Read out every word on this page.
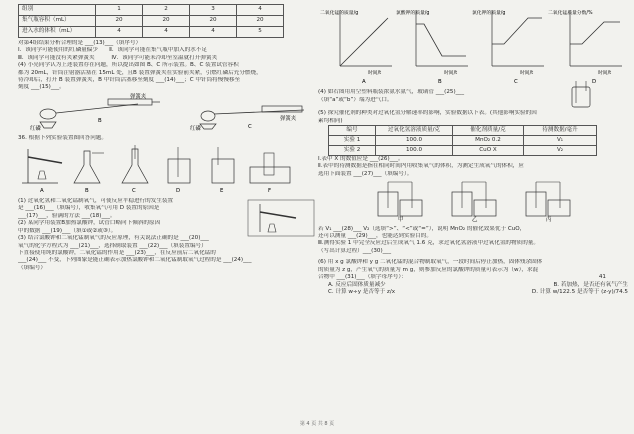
组别	1	2	3	4
集气瓶容积（mL）	20	20	20	20
进入水的体积（mL）	4	4	4	5
对第4组结果分析合理的是 ___(13)___（填序号）
Ⅰ．该同学可能使用的红磷量偏少　　Ⅱ．该同学可能在集气瓶中加入的水不足
Ⅲ．该同学可能没有夹紧弹簧夹　　　Ⅳ．该同学可能未冷却至室温就打开弹簧夹
(4) 小亮同学认为上述装置存在问题，所以提出如图 B、C 所示装置。B、C 装置试管容积
都为 20mL，针筒注射器活塞在 15mL 处，且B 装置弹簧夹在实验前夹紧，引燃红磷后充分燃烧，
待冷却后，打开 B 装置弹簧夹，B 中针筒活塞移至刻度 ___(14)___；C 中针筒将慢慢移至
刻度 ___(15)___。
红磷
弹簧夹
B
红磷
弹簧夹
C
36. 根据下列实验装置图回答问题。
A	B	C	D	E	F
(1) 过氧化氢和二氧化锰制氧气，可使反应平稳进行的发生装置
是 ___(16)___（填编号），收集氧气可用 D 装置的原因是
___(17)___，验满的方法 ___(18)___。
(2) 某同学用装置B加热氯酸钾，试管口略向下倾斜的原因
中的数据 ___(19)___（填①或②或③）。
(3) 结合氯酸钾和二氧化锰制氧气的反应原理，有关说法正确的是 ___(20)___
氧气的化学方程式为 ___(21)___，选择制取装置 ___(22)___（填装置编号）
下直接使用纯的氯酸钾，二氧化锰的作用是 ___(23)___，在反应前后二氧化锰的
___(24)___ 不变，下列图象是能正确表示加热氯酸钾和二氧化锰制取氧气过程的是 ___(24)___
（填编号）
二氧化锰的质量/g
时间/t
A
氯酸钾的质量/g
时间/t
B
氯化钾的质量/g
时间/t
C
二氧化锰质量分数/%
时间/t
D
(4) 如右图用用空塑料瓶装浓氨水氨气，玻璃管 ___(25)___
（填“a”或“b”）端为进气口。
(5) 探究催化剂的种类对过氧化氢分解速率的影响，实验数据以下表。(其他影响实验的因
素均相同)
编号	过氧化氢溶液质量/克	催化剂质量/克	待测数据/毫升
实验 1	100.0	MnO₂ 0.2	V₁
实验 2	100.0	CuO X	V₂
Ⅰ.表中 X 的数值应是 ___(26)___。
Ⅱ.表中的待测数据是指在相同时间内用收集氧气的体积，为测定生成氧气的体积，应
选用下面装置 ___(27)___（填编号）。
甲	乙	丙
若 V₁ ___(28)___ V₂（选填“>”、“<”或“=”），说明 MnO₂ 的催化效果优于 CuO，
还可以测量 ___(29)___，也能达到实验目的。
Ⅲ.测得实验 1 中完全反应过后生成氧气 1.6 克，求过氧化氢溶液中过氧化氢的物质的量。
（写出计算过程）___(30)___
(6) 用 x g 氯酸钾和 y g 二氧化锰的混合物制取氧气，一段时间后停止加热，固体残余固体
的质量为 z g，产生氧气的质量为 m g，则参加反应的氯酸钾的质量可表示为（w），求混
合物中 ___(31)___（填字母序号）：	41
A. 反应后固体质量减少	B. 若加热，是否还有氧气产生
C. 计算 w÷y 是否等于 z/x	D. 计算 w/122.5 是否等于 (z-y)/74.5
第 4 页 共 8 页
